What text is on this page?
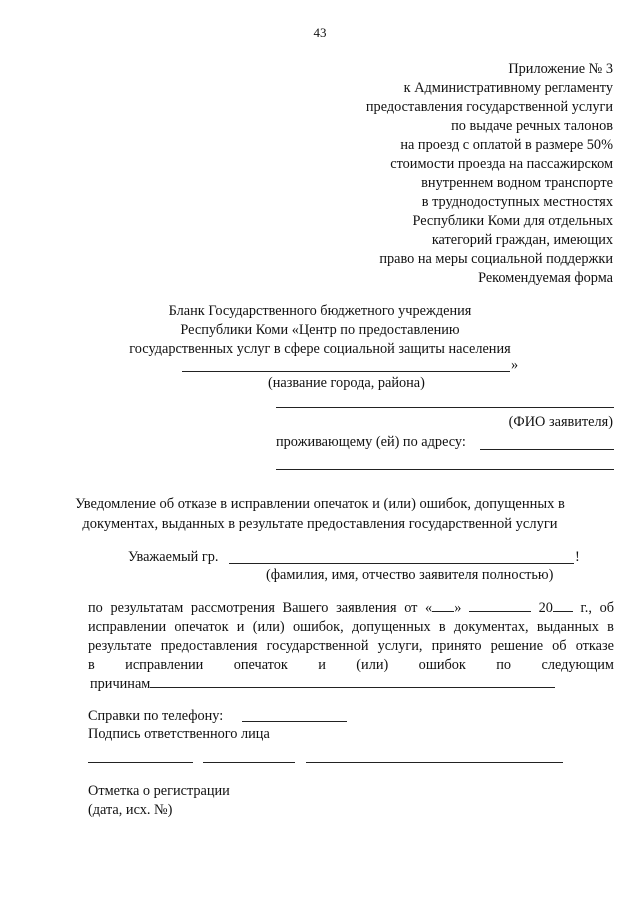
43
Приложение № 3
к Административному регламенту
предоставления государственной услуги
по выдаче речных талонов
на проезд с оплатой в размере 50%
стоимости проезда на пассажирском
внутреннем водном транспорте
в труднодоступных местностях
Республики Коми для отдельных
категорий граждан, имеющих
право на меры социальной поддержки
Рекомендуемая форма
Бланк Государственного бюджетного учреждения
Республики Коми «Центр по предоставлению
государственных услуг в сфере социальной защиты населения
»
(название города, района)
(ФИО заявителя)
проживающему (ей) по адресу:
Уведомление об отказе в исправлении опечаток и (или) ошибок, допущенных в
документах, выданных в результате предоставления государственной услуги
Уважаемый гр.	!
(фамилия, имя, отчество заявителя полностью)
по результатам рассмотрения Вашего заявления от « »	20	г., об
исправлении опечаток и (или) ошибок, допущенных в документах, выданных в
результате предоставления государственной услуги, принято решение об отказе
в исправлении опечаток и (или) ошибок по следующим
причинам
Справки по телефону:
Подпись ответственного лица
Отметка о регистрации
(дата, исх. №)
